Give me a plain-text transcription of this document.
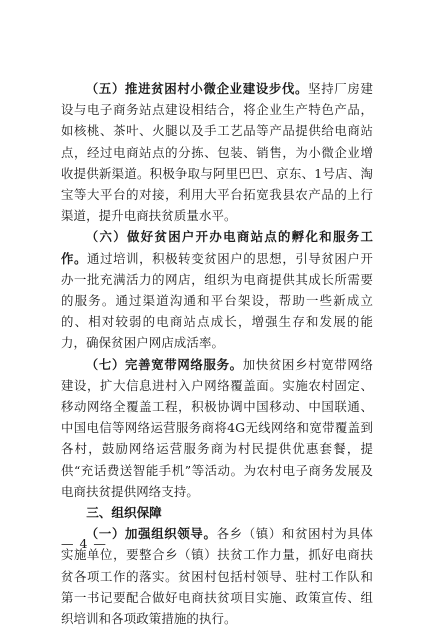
（五）推进贫困村小微企业建设步伐。坚持厂房建设与电子商务站点建设相结合，将企业生产特色产品，如核桃、茶叶、火腿以及手工艺品等产品提供给电商站点，经过电商站点的分拣、包装、销售，为小微企业增收提供新渠道。积极争取与阿里巴巴、京东、1号店、淘宝等大平台的对接，利用大平台拓宽我县农产品的上行渠道，提升电商扶贫质量水平。

（六）做好贫困户开办电商站点的孵化和服务工作。通过培训，积极转变贫困户的思想，引导贫困户开办一批充满活力的网店，组织为电商提供其成长所需要的服务。通过渠道沟通和平台架设，帮助一些新成立的、相对较弱的电商站点成长，增强生存和发展的能力，确保贫困户网店成活率。

（七）完善宽带网络服务。加快贫困乡村宽带网络建设，扩大信息进村入户网络覆盖面。实施农村固定、移动网络全覆盖工程，积极协调中国移动、中国联通、中国电信等网络运营服务商将4G无线网络和宽带覆盖到各村，鼓励网络运营服务商为村民提供优惠套餐，提供“充话费送智能手机”等活动。为农村电子商务发展及电商扶贫提供网络支持。

三、组织保障

（一）加强组织领导。各乡（镇）和贫困村为具体实施单位，要整合乡（镇）扶贫工作力量，抓好电商扶贫各项工作的落实。贫困村包括村领导、驻村工作队和第一书记要配合做好电商扶贫项目实施、政策宣传、组织培训和各项政策措施的执行。

— 4 —
